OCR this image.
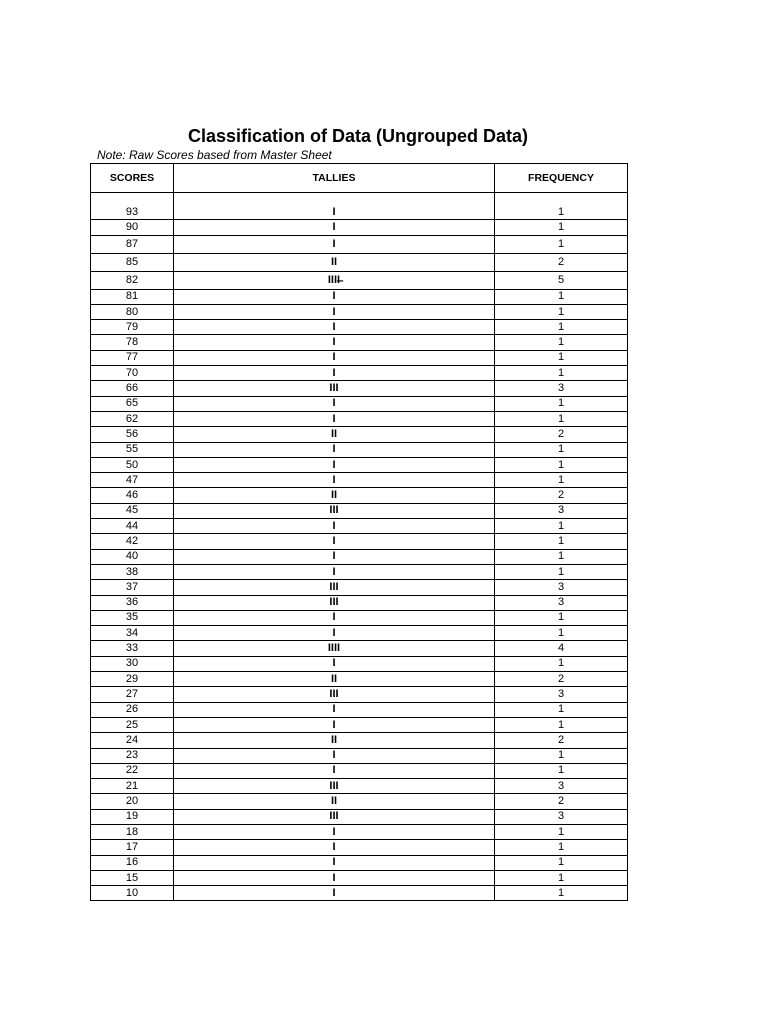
Classification of Data (Ungrouped Data)
Note: Raw Scores based from Master Sheet
SCORES	TALLIES	FREQUENCY

93	I	1
90	I	1
87	I	1
85	II	2
82	IIII̶	5
81	I	1
80	I	1
79	I	1
78	I	1
77	I	1
70	I	1
66	III	3
65	I	1
62	I	1
56	II	2
55	I	1
50	I	1
47	I	1
46	II	2
45	III	3
44	I	1
42	I	1
40	I	1
38	I	1
37	III	3
36	III	3
35	I	1
34	I	1
33	IIII	4
30	I	1
29	II	2
27	III	3
26	I	1
25	I	1
24	II	2
23	I	1
22	I	1
21	III	3
20	II	2
19	III	3
18	I	1
17	I	1
16	I	1
15	I	1
10	I	1
